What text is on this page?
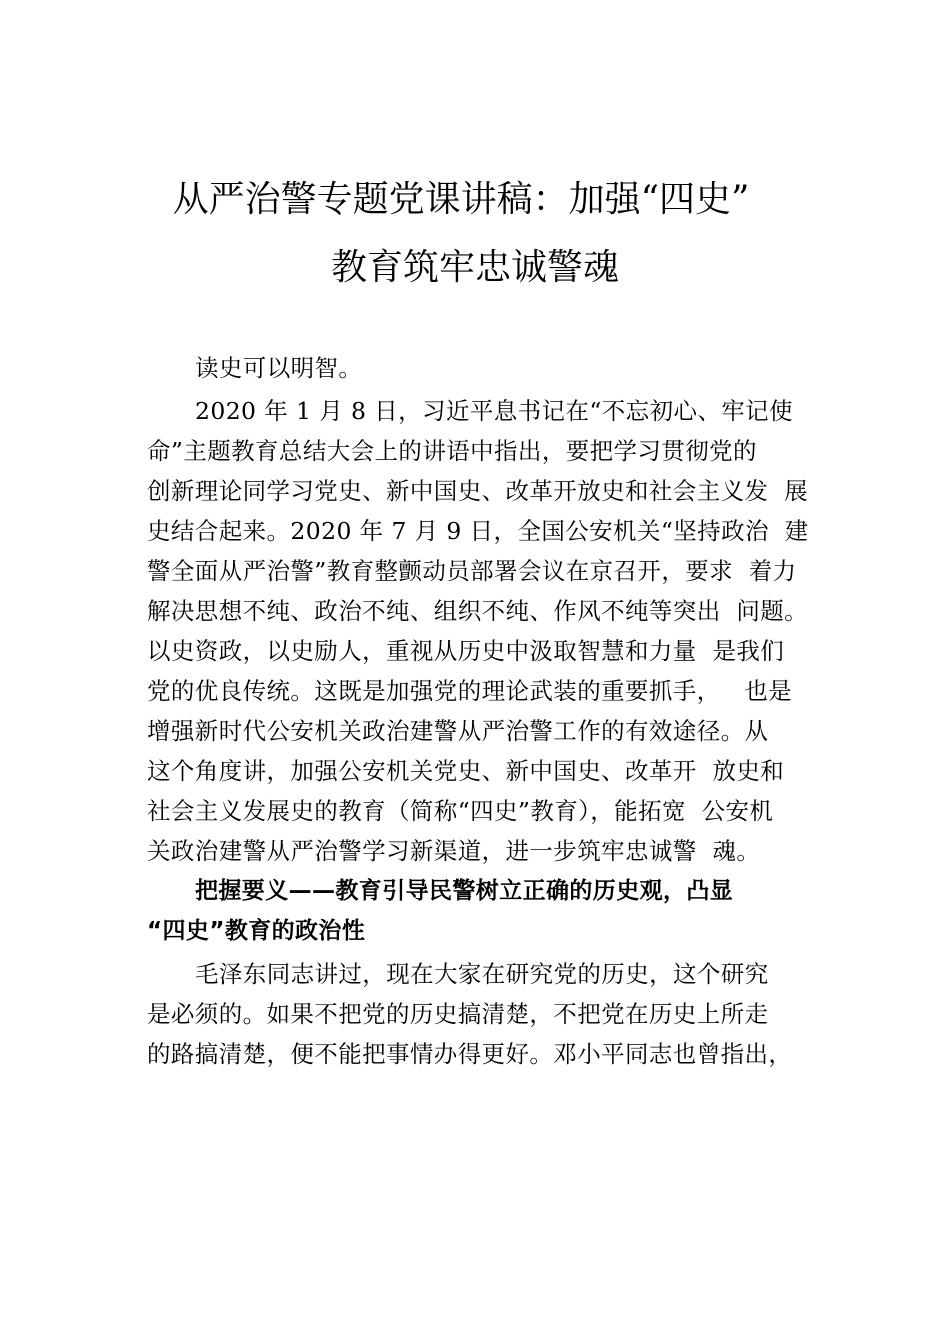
从严治警专题党课讲稿：加强“四史”
教育筑牢忠诚警魂
读史可以明智。
2020 年 1 月 8 日，习近平息书记在“不忘初心、牢记使
命”主题教育总结大会上的讲语中指出，要把学习贯彻党的
创新理论同学习党史、新中国史、改革开放史和社会主义发  展
史结合起来。2020 年 7 月 9 日，全国公安机关“坚持政治  建
警全面从严治警”教育整颤动员部署会议在京召开，要求  着力
解决思想不纯、政治不纯、组织不纯、作风不纯等突出  问题。
以史资政，以史励人，重视从历史中汲取智慧和力量  是我们
党的优良传统。这既是加强党的理论武装的重要抓手，   也是
增强新时代公安机关政治建警从严治警工作的有效途径。从
这个角度讲，加强公安机关党史、新中国史、改革开  放史和
社会主义发展史的教育（简称“四史”教育），能拓宽  公安机
关政治建警从严治警学习新渠道，进一步筑牢忠诚警  魂。
把握要义——教育引导民警树立正确的历史观，凸显
“四史”教育的政治性
毛泽东同志讲过，现在大家在研究党的历史，这个研究
是必须的。如果不把党的历史搞清楚，不把党在历史上所走
的路搞清楚，便不能把事情办得更好。邓小平同志也曾指出，
